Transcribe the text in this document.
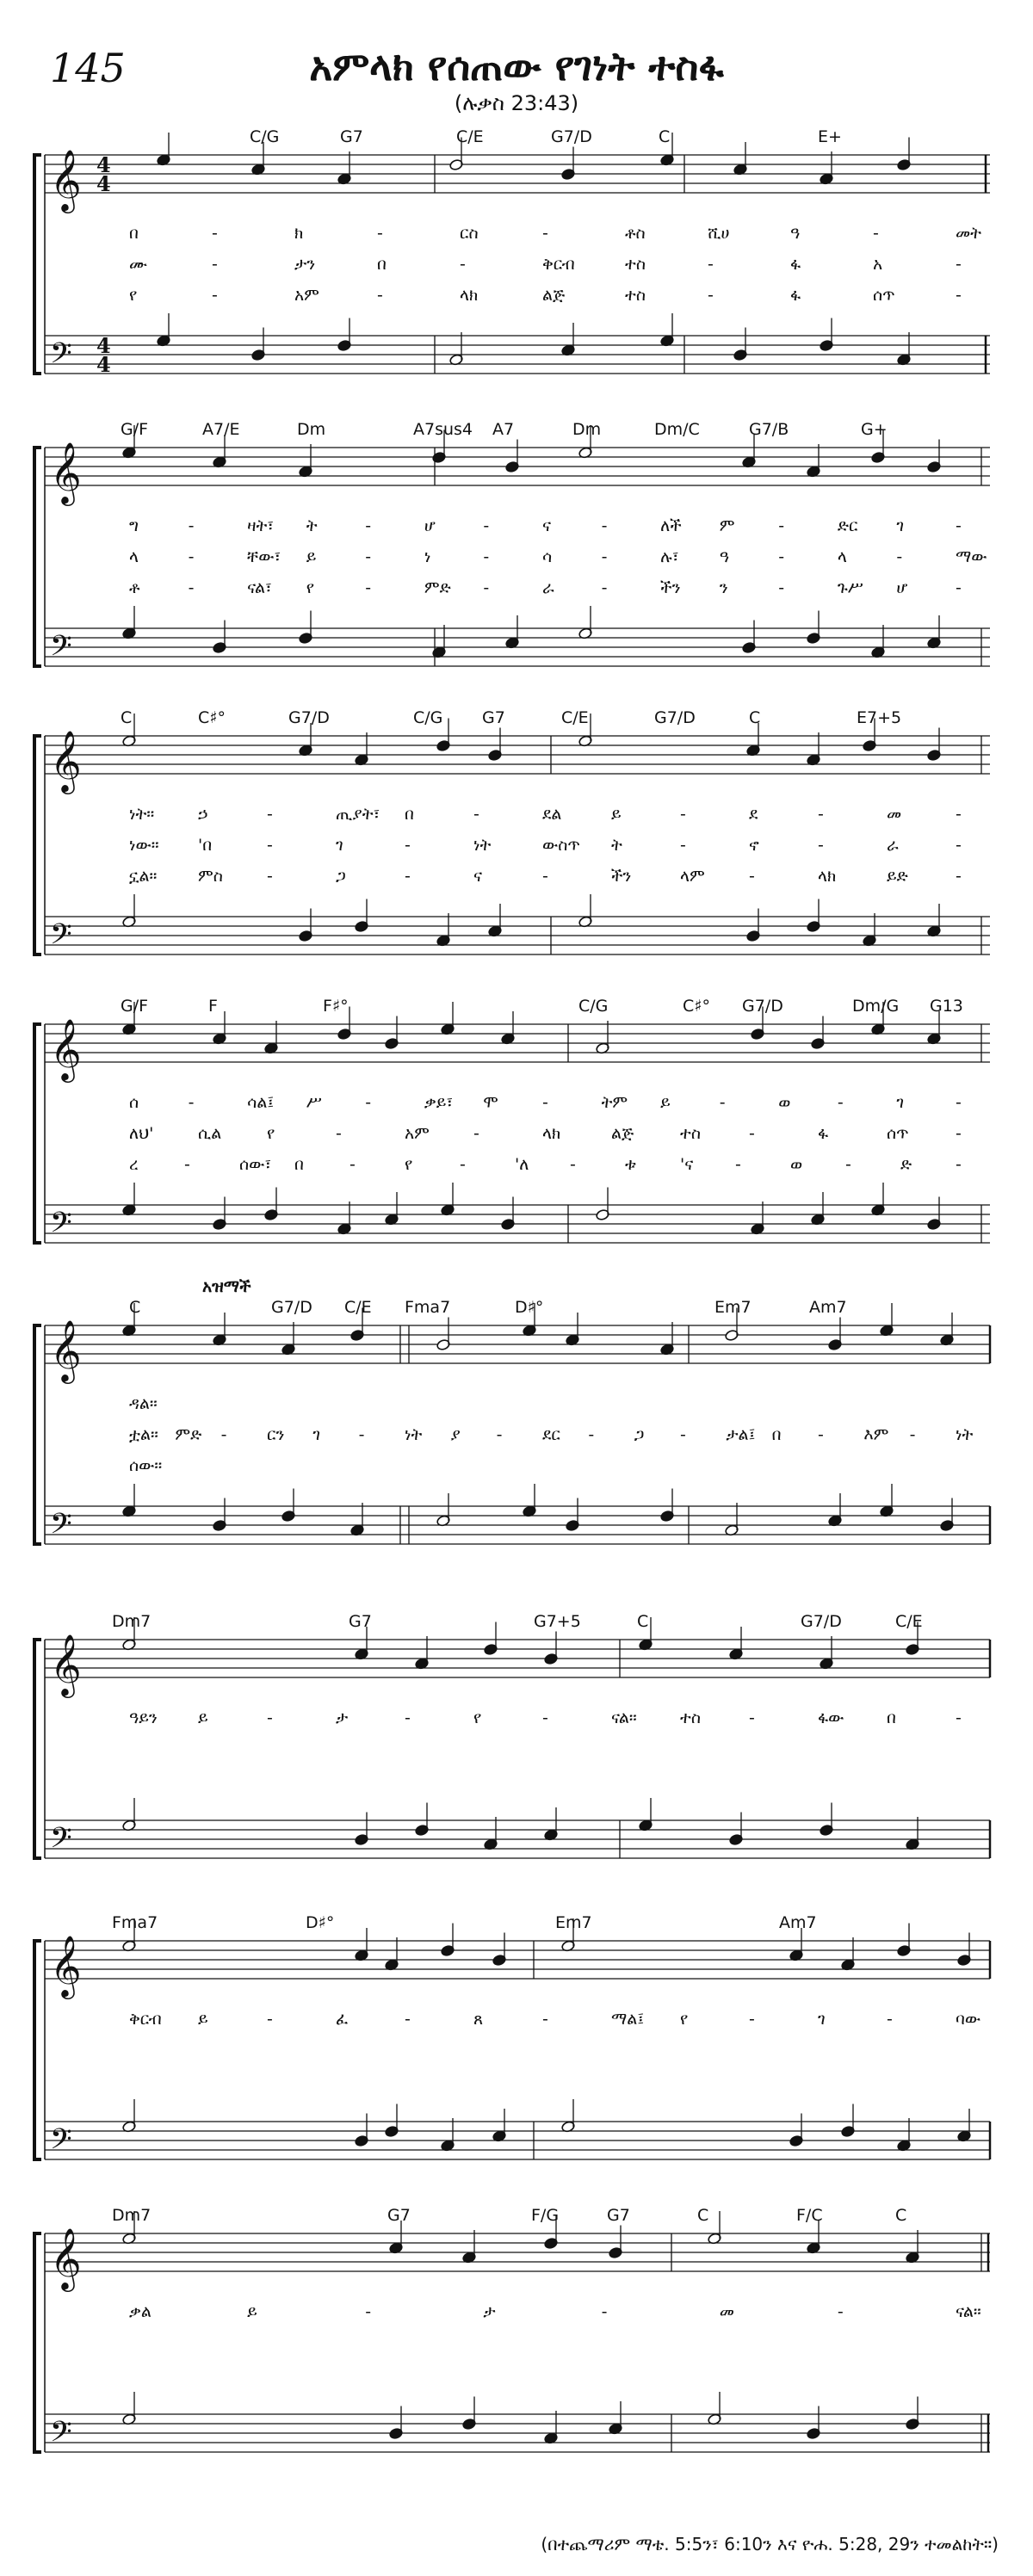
145	አምላክ የሰጠው የገነት ተስፋ
(ሉቃስ 23:43)
𝄞
𝄢
4
4
4
4
C/G	G7	C/E	G7/D	C	E+
በ	-	ክ	-	ርስ	-	ቶስ	ሺሀ	ዓ	-	መት
ሙ	-	ታን	በ	-	ቅርብ	ተስ	-	ፋ	አ	-
የ	-	አም	-	ላክ	ልጅ	ተስ	-	ፋ	ሰጥ	-
𝄞
𝄢
G/F	A7/E	Dm	A7sus4 A7	Dm	Dm/C	G7/B	G+
ግ	-	ዛት፣ ት	-	ሆ	-	ና	-	ለች ም	-	ድር ገ	-
ላ	-	ቸው፣ ይ	-	ነ	-	ሳ	-	ሉ፣ ዓ	-	ላ	-	ማው
ቶ	-	ናል፣ የ	-	ምድ -	ራ	-	ችን ን	-	ጉሥ ሆ	-
𝄞
𝄢
C	C♯°	G7/D	C/G G7	C/E	G7/D	C	E7+5
ነት።	ኃ	-	ጢያት፣ በ	-	ደል	ይ	-	ደ	-	መ	-
ነው። 'በ	-	ገ	-	ነት	ውስጥ ት	-	ኖ	-	ራ	-
ኗል።	ምስ	-	ጋ	-	ና	-	ችን	ላም	-	ላክ	ይድ	-
𝄞
𝄢
G/F	F	F♯°	C/G	C♯° G7/D	Dm/G G13
ሰ	-	ሳል፤ ሥ	-	ቃይ፣ ሞ	-	ትም ይ	-	ወ	-	ገ	-
ለህ'	ሲል	የ	-	አም	-	ላክ	ልጅ	ተስ	-	ፋ	ሰጥ	-
ረ	-	ሰው፣ በ	-	የ	-	'ለ	-	ቱ	'ና	-	ወ	-	ድ	-
𝄞
𝄢
C	G7/D C/E Fma7	D♯°	Em7	Am7
አዝማች
ዳል።
ቷል። ምድ - ርን ገ - ነት ያ - ደር - ጋ - ታል፤ በ - እም - ነት
ሰው።
𝄞
𝄢
Dm7	G7	G7+5	C	G7/D	C/E
ዓይን ይ	-	ታ	-	የ	-	ናል።	ተስ	-	ፋው	በ	-
𝄞
𝄢
Fma7	D♯°	Em7	Am7
ቅርብ ይ	-	ፈ	-	ጸ	-	ማል፤ የ	-	ገ	-	ባው
𝄞
𝄢
Dm7	G7	F/G	G7	C	F/C	C
ቃል	ይ	-	ታ	-	መ	-	ናል።
(በተጨማሪም ማቴ. 5:5ን፣ 6:10ን እና ዮሐ. 5:28, 29ን ተመልከት።)
